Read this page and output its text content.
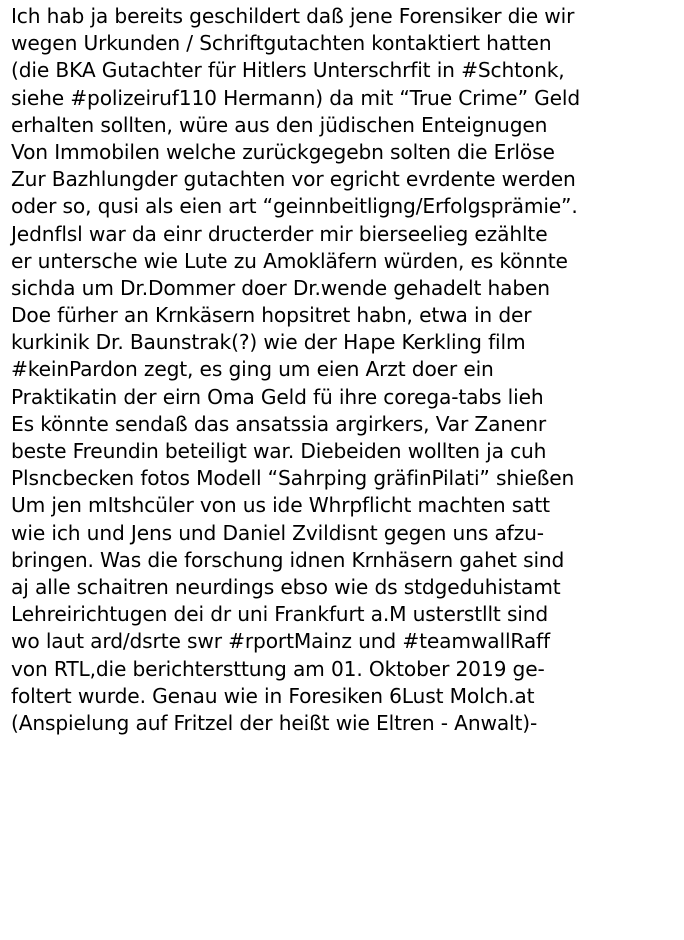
Ich hab ja bereits geschildert daß jene Forensiker die wir
wegen Urkunden / Schriftgutachten kontaktiert hatten
(die BKA Gutachter für Hitlers Unterschrfit in #Schtonk,
siehe #polizeiruf110 Hermann) da mit “True Crime” Geld
erhalten sollten, würe aus den jüdischen Enteignugen
Von Immobilen welche zurückgegebn solten die Erlöse
Zur Bazhlungder gutachten vor egricht evrdente werden
oder so, qusi als eien art “geinnbeitligng/Erfolgsprämie”.
Jednflsl war da einr dructerder mir bierseelieg ezählte
er untersche wie Lute zu Amokläfern würden, es könnte
sichda um Dr.Dommer doer Dr.wende gehadelt haben
Doe fürher an Krnkäsern hopsitret habn, etwa in der
kurkinik Dr. Baunstrak(?) wie der Hape Kerkling film
#keinPardon zegt, es ging um eien Arzt doer ein
Praktikatin der eirn Oma Geld fü ihre corega-tabs lieh
Es könnte sendaß das ansatssia argirkers, Var Zanenr
beste Freundin beteiligt war. Diebeiden wollten ja cuh
Plsncbecken fotos Modell “Sahrping gräfinPilati” shießen
Um jen mItshcüler von us ide Whrpflicht machten satt
wie ich und Jens und Daniel Zvildisnt gegen uns afzu-
bringen. Was die forschung idnen Krnhäsern gahet sind
aj alle schaitren neurdings ebso wie ds stdgeduhistamt
Lehreirichtugen dei dr uni Frankfurt a.M usterstllt sind
wo laut ard/dsrte swr #rportMainz und #teamwallRaff
von RTL,die berichtersttung am 01. Oktober 2019 ge-
foltert wurde. Genau wie in Foresiken 6Lust Molch.at
(Anspielung auf Fritzel der heißt wie Eltren - Anwalt)-
